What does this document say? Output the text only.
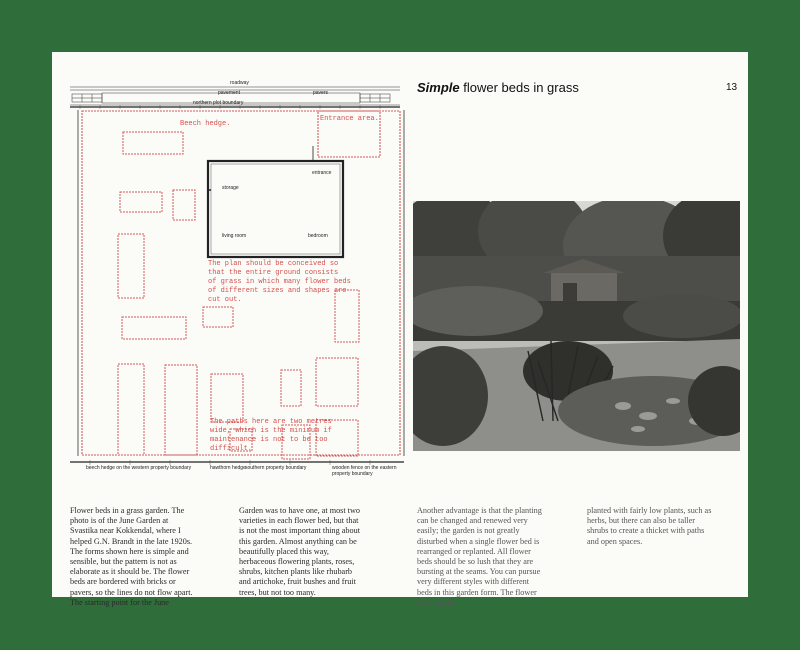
roadway
pavement	pavers
northern plot boundary
storage
entrance
living room	bedroom
beech hedge on the western property boundary	hawthorn hedge southern property boundary	wooden fence on the eastern property boundary
Beech hedge.
Entrance area.
The plan should be conceived so
that the entire ground consists
of grass in which many flower beds
of different sizes and shapes are
cut out.
The paths here are two metres
wide, which is the minimum if
maintenance is not to be too
difficult.
Simple flower beds in grass	13

Flower beds in a grass garden. The photo is of the June Garden at Svastika near Kokkendal, where I helped G.N. Brandt in the late 1920s. The forms shown here is simple and sensible, but the pattern is not as elaborate as it should be. The flower beds are bordered with bricks or pavers, so the lines do not flow apart. The starting point for the June

Garden was to have one, at most two varieties in each flower bed, but that is not the most important thing about this garden. Almost anything can be beautifully placed this way, herbaceous flowering plants, roses, shrubs, kitchen plants like rhubarb and artichoke, fruit bushes and fruit trees, but not too many.

Another advantage is that the planting can be changed and renewed very easily; the garden is not greatly disturbed when a single flower bed is rearranged or replanted. All flower beds should be so lush that they are bursting at the seams. You can pursue very different styles with different beds in this garden form. The flower beds can be

planted with fairly low plants, such as herbs, but there can also be taller shrubs to create a thicket with paths and open spaces.
